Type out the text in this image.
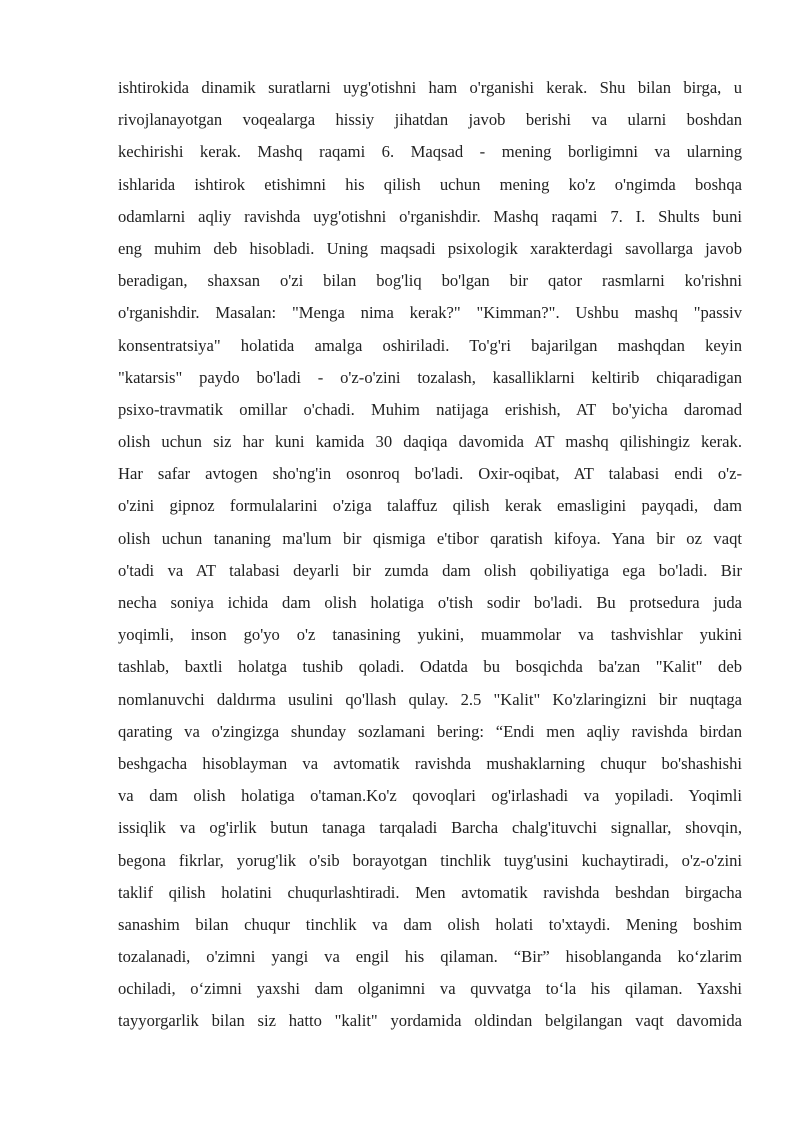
ishtirokida dinamik suratlarni uyg'otishni ham o'rganishi kerak. Shu bilan birga, u
rivojlanayotgan voqealarga hissiy jihatdan javob berishi va ularni boshdan
kechirishi kerak. Mashq raqami 6. Maqsad - mening borligimni va ularning
ishlarida ishtirok etishimni his qilish uchun mening ko'z o'ngimda boshqa
odamlarni aqliy ravishda uyg'otishni o'rganishdir. Mashq raqami 7. I. Shults buni
eng muhim deb hisobladi. Uning maqsadi psixologik xarakterdagi savollarga javob
beradigan, shaxsan o'zi bilan bog'liq bo'lgan bir qator rasmlarni ko'rishni
o'rganishdir. Masalan: "Menga nima kerak?" "Kimman?". Ushbu mashq "passiv
konsentratsiya" holatida amalga oshiriladi. To'g'ri bajarilgan mashqdan keyin
"katarsis" paydo bo'ladi - o'z-o'zini tozalash, kasalliklarni keltirib chiqaradigan
psixo-travmatik omillar o'chadi. Muhim natijaga erishish, AT bo'yicha daromad
olish uchun siz har kuni kamida 30 daqiqa davomida AT mashq qilishingiz kerak.
Har safar avtogen sho'ng'in osonroq bo'ladi. Oxir-oqibat, AT talabasi endi o'z-
o'zini gipnoz formulalarini o'ziga talaffuz qilish kerak emasligini payqadi, dam
olish uchun tananing ma'lum bir qismiga e'tibor qaratish kifoya. Yana bir oz vaqt
o'tadi va AT talabasi deyarli bir zumda dam olish qobiliyatiga ega bo'ladi. Bir
necha soniya ichida dam olish holatiga o'tish sodir bo'ladi. Bu protsedura juda
yoqimli, inson go'yo o'z tanasining yukini, muammolar va tashvishlar yukini
tashlab, baxtli holatga tushib qoladi. Odatda bu bosqichda ba'zan "Kalit" deb
nomlanuvchi daldırma usulini qo'llash qulay. 2.5 "Kalit" Ko'zlaringizni bir nuqtaga
qarating va o'zingizga shunday sozlamani bering: “Endi men aqliy ravishda birdan
beshgacha hisoblayman va avtomatik ravishda mushaklarning chuqur bo'shashishi
va dam olish holatiga o'taman.Ko'z qovoqlari og'irlashadi va yopiladi. Yoqimli
issiqlik va og'irlik butun tanaga tarqaladi Barcha chalg'ituvchi signallar, shovqin,
begona fikrlar, yorug'lik o'sib borayotgan tinchlik tuyg'usini kuchaytiradi, o'z-o'zini
taklif qilish holatini chuqurlashtiradi. Men avtomatik ravishda beshdan birgacha
sanashim bilan chuqur tinchlik va dam olish holati to'xtaydi. Mening boshim
tozalanadi, o'zimni yangi va engil his qilaman. “Bir” hisoblanganda ko‘zlarim
ochiladi, o‘zimni yaxshi dam olganimni va quvvatga to‘la his qilaman. Yaxshi
tayyorgarlik bilan siz hatto "kalit" yordamida oldindan belgilangan vaqt davomida
